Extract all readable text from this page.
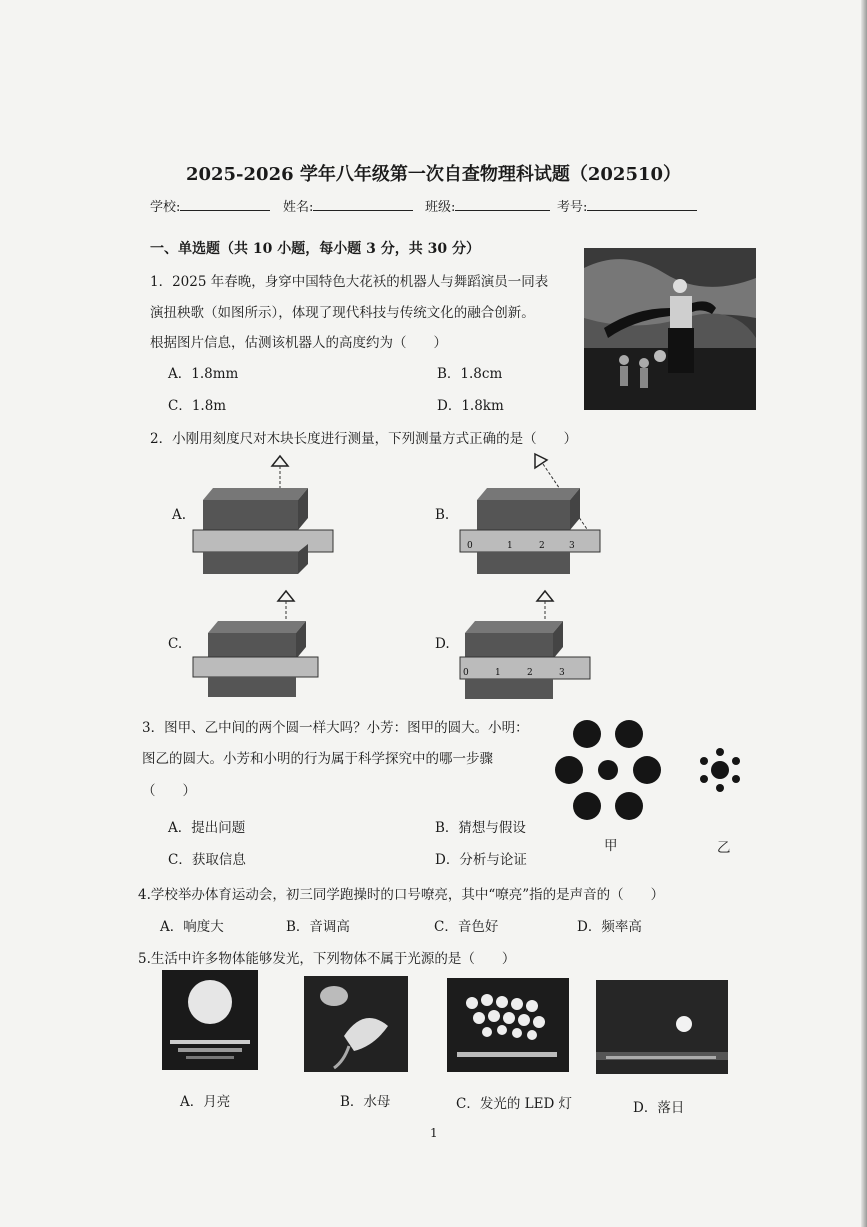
2025-2026 学年八年级第一次自查物理科试题（202510）
学校:	姓名:	班级:	考号:
一、单选题（共 10 小题，每小题 3 分，共 30 分）
1．2025 年春晚，身穿中国特色大花袄的机器人与舞蹈演员一同表
演扭秧歌（如图所示），体现了现代科技与传统文化的融合创新。
根据图片信息，估测该机器人的高度约为（　　）
A．1.8mm	B．1.8cm
C．1.8m	D．1.8km
2．小刚用刻度尺对木块长度进行测量，下列测量方式正确的是（　　）
A.	B.
C.	D.
0	1	2	3
0	1	2	3
3．图甲、乙中间的两个圆一样大吗？小芳：图甲的圆大。小明：
图乙的圆大。小芳和小明的行为属于科学探究中的哪一步骤
（　　）
A．提出问题	B．猜想与假设
C．获取信息	D．分析与论证
甲	乙
4.学校举办体育运动会，初三同学跑操时的口号嘹亮，其中“嘹亮”指的是声音的（　　）
A．响度大	B．音调高	C．音色好	D．频率高
5.生活中许多物体能够发光，下列物体不属于光源的是（　　）
A．月亮	B．水母	C．发光的 LED 灯	D．落日
1
